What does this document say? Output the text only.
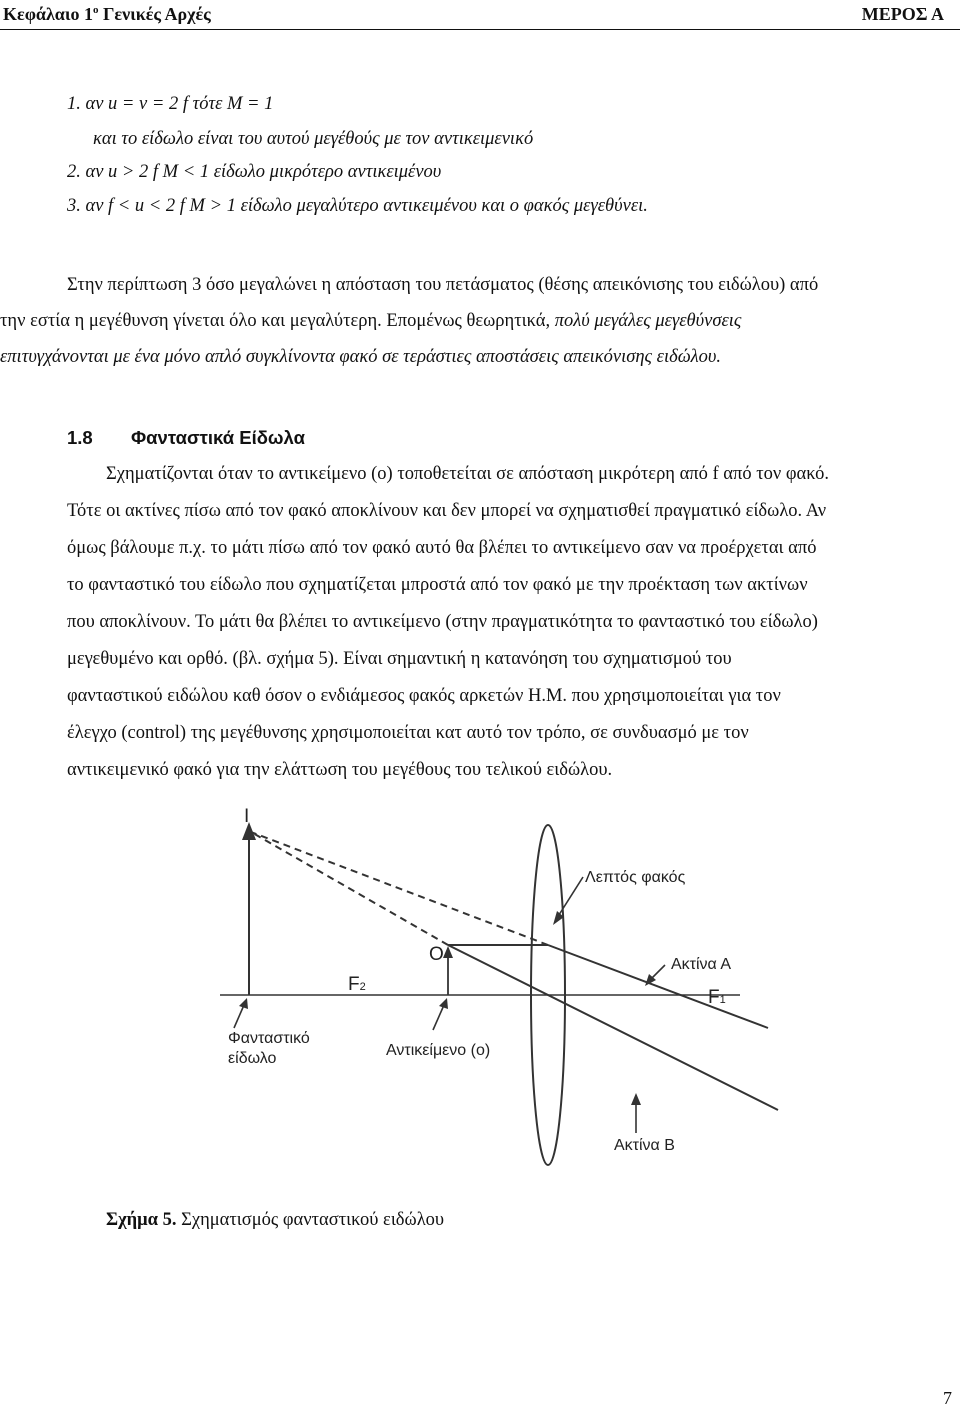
Κεφάλαιο $1^o$ Γενικές Αρχές	ΜΕΡΟΣ Α
1. αν u = v = 2 f τότε M = 1
και το είδωλο είναι του αυτού μεγέθούς με τον αντικειμενικό
2. αν u > 2 f M < 1 είδωλο μικρότερο αντικειμένου
3. αν f < u < 2 f M > 1 είδωλο μεγαλύτερο αντικειμένου και ο φακός μεγεθύνει.
Στην περίπτωση 3 όσο μεγαλώνει η απόσταση του πετάσματος (θέσης απεικόνισης του ειδώλου) από
την εστία η μεγέθυνση γίνεται όλο και μεγαλύτερη. Επομένως θεωρητικά, πολύ μεγάλες μεγεθύνσεις
επιτυγχάνονται με ένα μόνο απλό συγκλίνοντα φακό σε τεράστιες αποστάσεις απεικόνισης ειδώλου.
1.8 Φανταστικά Είδωλα
Σχηματίζονται όταν το αντικείμενο (o) τοποθετείται σε απόσταση μικρότερη από f από τον φακό.
Τότε οι ακτίνες πίσω από τον φακό αποκλίνουν και δεν μπορεί να σχηματισθεί πραγματικό είδωλο. Αν
όμως βάλουμε π.χ. το μάτι πίσω από τον φακό αυτό θα βλέπει το αντικείμενο σαν να προέρχεται από
το φανταστικό του είδωλο που σχηματίζεται μπροστά από τον φακό με την προέκταση των ακτίνων
που αποκλίνουν. Το μάτι θα βλέπει το αντικείμενο (στην πραγματικότητα το φανταστικό του είδωλο)
μεγεθυμένο και ορθό. (βλ. σχήμα 5). Είναι σημαντική η κατανόηση του σχηματισμού του
φανταστικού ειδώλου καθ όσον ο ενδιάμεσος φακός αρκετών Η.Μ. που χρησιμοποιείται για τον
έλεγχο (control) της μεγέθυνσης χρησιμοποιείται κατ αυτό τον τρόπο, σε συνδυασμό με τον
αντικειμενικό φακό για την ελάττωση του μεγέθους του τελικού ειδώλου.
I
Λεπτός φακός
O	Ακτίνα Α
F2	F1
Φανταστικό
είδωλο	Αντικείμενο (ο)
Ακτίνα Β
Σχήμα 5. Σχηματισμός φανταστικού ειδώλου
7
